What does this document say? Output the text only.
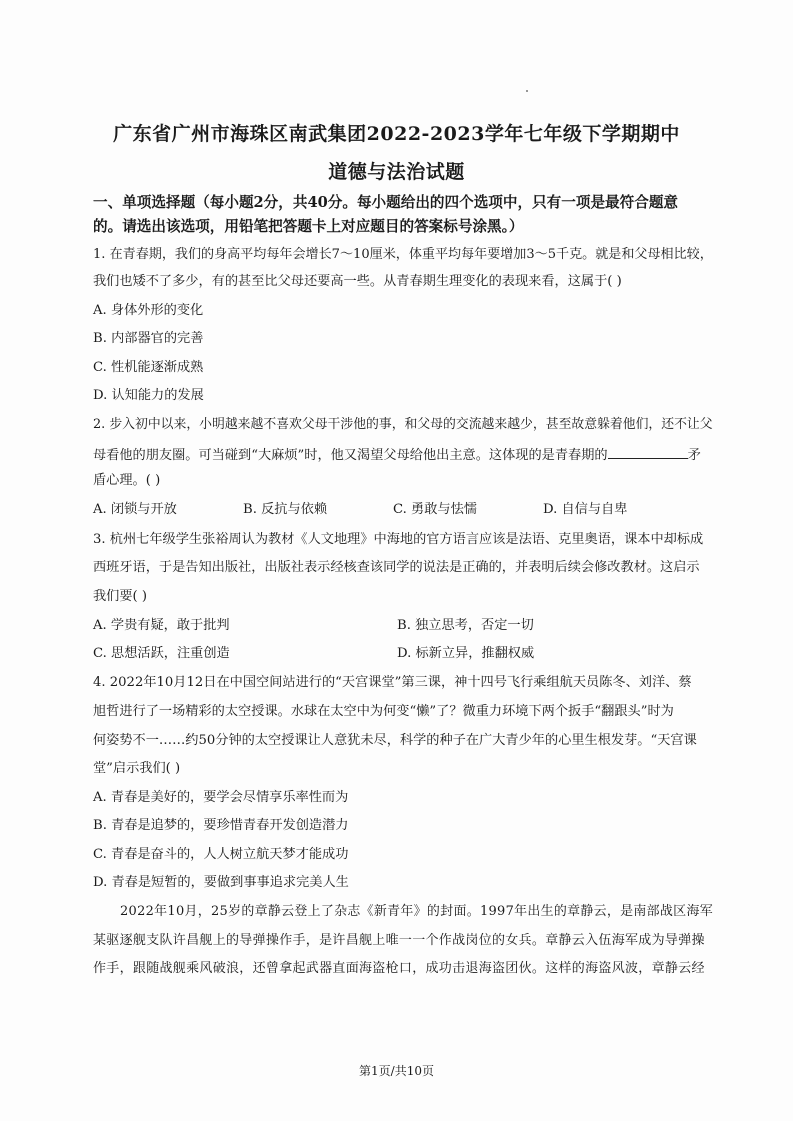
广东省广州市海珠区南武集团2022-2023学年七年级下学期期中
道德与法治试题
一、单项选择题（每小题2分，共40分。每小题给出的四个选项中，只有一项是最符合题意
的。请选出该选项，用铅笔把答题卡上对应题目的答案标号涂黑。）
1. 在青春期，我们的身高平均每年会增长7～10厘米，体重平均每年要增加3～5千克。就是和父母相比较，
我们也矮不了多少，有的甚至比父母还要高一些。从青春期生理变化的表现来看，这属于( )
A. 身体外形的变化
B. 内部器官的完善
C. 性机能逐渐成熟
D. 认知能力的发展
2. 步入初中以来，小明越来越不喜欢父母干涉他的事，和父母的交流越来越少，甚至故意躲着他们，还不让父
母看他的朋友圈。可当碰到“大麻烦”时，他又渴望父母给他出主意。这体现的是青春期的	矛
盾心理。( )
A. 闭锁与开放	B. 反抗与依赖	C. 勇敢与怯懦	D. 自信与自卑
3. 杭州七年级学生张裕周认为教材《人文地理》中海地的官方语言应该是法语、克里奥语，课本中却标成
西班牙语，于是告知出版社，出版社表示经核查该同学的说法是正确的，并表明后续会修改教材。这启示
我们要( )
A. 学贵有疑，敢于批判	B. 独立思考，否定一切
C. 思想活跃，注重创造	D. 标新立异，推翻权威
4. 2022年10月12日在中国空间站进行的“天宫课堂”第三课，神十四号飞行乘组航天员陈冬、刘洋、蔡
旭哲进行了一场精彩的太空授课。水球在太空中为何变“懒”了？微重力环境下两个扳手“翻跟头”时为
何姿势不一……约50分钟的太空授课让人意犹未尽，科学的种子在广大青少年的心里生根发芽。“天宫课
堂”启示我们( )
A. 青春是美好的，要学会尽情享乐率性而为
B. 青春是追梦的，要珍惜青春开发创造潜力
C. 青春是奋斗的，人人树立航天梦才能成功
D. 青春是短暂的，要做到事事追求完美人生
2022年10月，25岁的章静云登上了杂志《新青年》的封面。1997年出生的章静云，是南部战区海军
某驱逐舰支队许昌舰上的导弹操作手，是许昌舰上唯一一个作战岗位的女兵。章静云入伍海军成为导弹操
作手，跟随战舰乘风破浪，还曾拿起武器直面海盗枪口，成功击退海盗团伙。这样的海盗风波，章静云经
第1页/共10页
